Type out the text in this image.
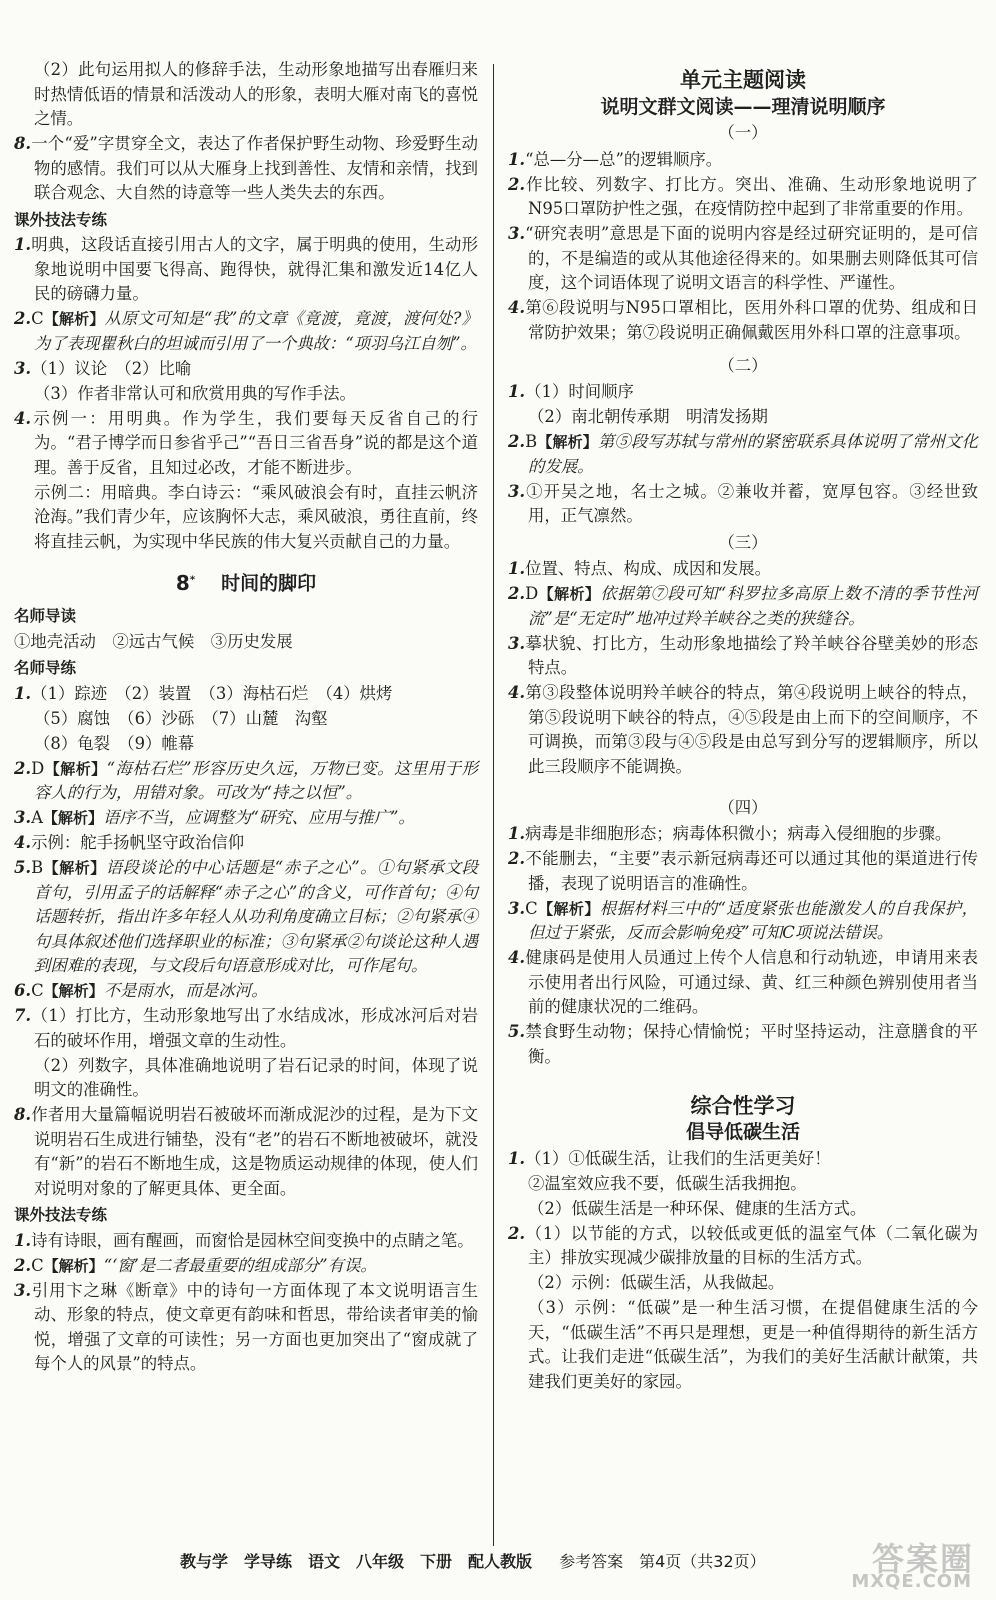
（2）此句运用拟人的修辞手法，生动形象地描写出春雁归来时热情低语的情景和活泼动人的形象，表明大雁对南飞的喜悦之情。

8.一个“爱”字贯穿全文，表达了作者保护野生动物、珍爱野生动物的感情。我们可以从大雁身上找到善性、友情和亲情，找到联合观念、大自然的诗意等一些人类失去的东西。

课外技法专练

1.明典，这段话直接引用古人的文字，属于明典的使用，生动形象地说明中国要飞得高、跑得快，就得汇集和激发近14亿人民的磅礴力量。

2.C【解析】从原文可知是“我”的文章《竟渡，竟渡，渡何处?》为了表现瞿秋白的坦诚而引用了一个典故：“项羽乌江自刎”。

3.（1）议论　（2）比喻

（3）作者非常认可和欣赏用典的写作手法。

4.示例一：用明典。作为学生，我们要每天反省自己的行为。“君子博学而日参省乎己”“吾日三省吾身”说的都是这个道理。善于反省，且知过必改，才能不断进步。

示例二：用暗典。李白诗云：“乘风破浪会有时，直挂云帆济沧海。”我们青少年，应该胸怀大志，乘风破浪，勇往直前，终将直挂云帆，为实现中华民族的伟大复兴贡献自己的力量。

8* 时间的脚印
名师导读

①地壳活动　②远古气候　③历史发展

名师导练

1.（1）踪迹　（2）装置　（3）海枯石烂　（4）烘烤

（5）腐蚀　（6）沙砾　（7）山麓　沟壑

（8）龟裂　（9）帷幕

2.D【解析】“海枯石烂”形容历史久远，万物已变。这里用于形容人的行为，用错对象。可改为“持之以恒”。

3.A【解析】语序不当，应调整为“研究、应用与推广”。

4.示例：舵手扬帆坚守政治信仰

5.B【解析】语段谈论的中心话题是“赤子之心”。①句紧承文段首句，引用孟子的话解释“赤子之心”的含义，可作首句；④句话题转折，指出许多年轻人从功利角度确立目标；②句紧承④句具体叙述他们选择职业的标准；③句紧承②句谈论这种人遇到困难的表现，与文段后句语意形成对比，可作尾句。

6.C【解析】不是雨水，而是冰河。

7.（1）打比方，生动形象地写出了水结成冰，形成冰河后对岩石的破坏作用，增强文章的生动性。

（2）列数字，具体准确地说明了岩石记录的时间，体现了说明文的准确性。

8.作者用大量篇幅说明岩石被破坏而渐成泥沙的过程，是为下文说明岩石生成进行铺垫，没有“老”的岩石不断地被破坏，就没有“新”的岩石不断地生成，这是物质运动规律的体现，使人们对说明对象的了解更具体、更全面。

课外技法专练

1.诗有诗眼，画有醒画，而窗恰是园林空间变换中的点睛之笔。

2.C【解析】“‘窗’是二者最重要的组成部分”有误。

3.引用卞之琳《断章》中的诗句一方面体现了本文说明语言生动、形象的特点，使文章更有韵味和哲思，带给读者审美的愉悦，增强了文章的可读性；另一方面也更加突出了“窗成就了每个人的风景”的特点。

单元主题阅读
说明文群文阅读——理清说明顺序
（一）

1.“总—分—总”的逻辑顺序。

2.作比较、列数字、打比方。突出、准确、生动形象地说明了N95口罩防护性之强，在疫情防控中起到了非常重要的作用。

3.“研究表明”意思是下面的说明内容是经过研究证明的，是可信的，不是编造的或从其他途径得来的。如果删去则降低其可信度，这个词语体现了说明文语言的科学性、严谨性。

4.第⑥段说明与N95口罩相比，医用外科口罩的优势、组成和日常防护效果；第⑦段说明正确佩戴医用外科口罩的注意事项。

（二）

1.（1）时间顺序

（2）南北朝传承期　明清发扬期

2.B【解析】第⑤段写苏轼与常州的紧密联系具体说明了常州文化的发展。

3.①开吴之地，名士之城。②兼收并蓄，宽厚包容。③经世致用，正气凛然。

（三）

1.位置、特点、构成、成因和发展。

2.D【解析】依据第⑦段可知“科罗拉多高原上数不清的季节性河流”是“无定时”地冲过羚羊峡谷之类的狭缝谷。

3.摹状貌、打比方，生动形象地描绘了羚羊峡谷谷壁美妙的形态特点。

4.第③段整体说明羚羊峡谷的特点，第④段说明上峡谷的特点，第⑤段说明下峡谷的特点，④⑤段是由上而下的空间顺序，不可调换，而第③段与④⑤段是由总写到分写的逻辑顺序，所以此三段顺序不能调换。

（四）

1.病毒是非细胞形态；病毒体积微小；病毒入侵细胞的步骤。

2.不能删去，“主要”表示新冠病毒还可以通过其他的渠道进行传播，表现了说明语言的准确性。

3.C【解析】根据材料三中的“适度紧张也能激发人的自我保护，但过于紧张，反而会影响免疫”可知C项说法错误。

4.健康码是使用人员通过上传个人信息和行动轨迹，申请用来表示使用者出行风险，可通过绿、黄、红三种颜色辨别使用者当前的健康状况的二维码。

5.禁食野生动物；保持心情愉悦；平时坚持运动，注意膳食的平衡。

综合性学习
倡导低碳生活

1.（1）①低碳生活，让我们的生活更美好！

②温室效应我不要，低碳生活我拥抱。

（2）低碳生活是一种环保、健康的生活方式。

2.（1）以节能的方式，以较低或更低的温室气体（二氧化碳为主）排放实现减少碳排放量的目标的生活方式。

（2）示例：低碳生活，从我做起。

（3）示例：“低碳”是一种生活习惯，在提倡健康生活的今天，“低碳生活”不再只是理想，更是一种值得期待的新生活方式。让我们走进“低碳生活”，为我们的美好生活献计献策，共建我们更美好的家园。

教与学　学导练　语文　八年级　下册　配人教版 参考答案　第4页（共32页）	答案圈
MXQE.COM
